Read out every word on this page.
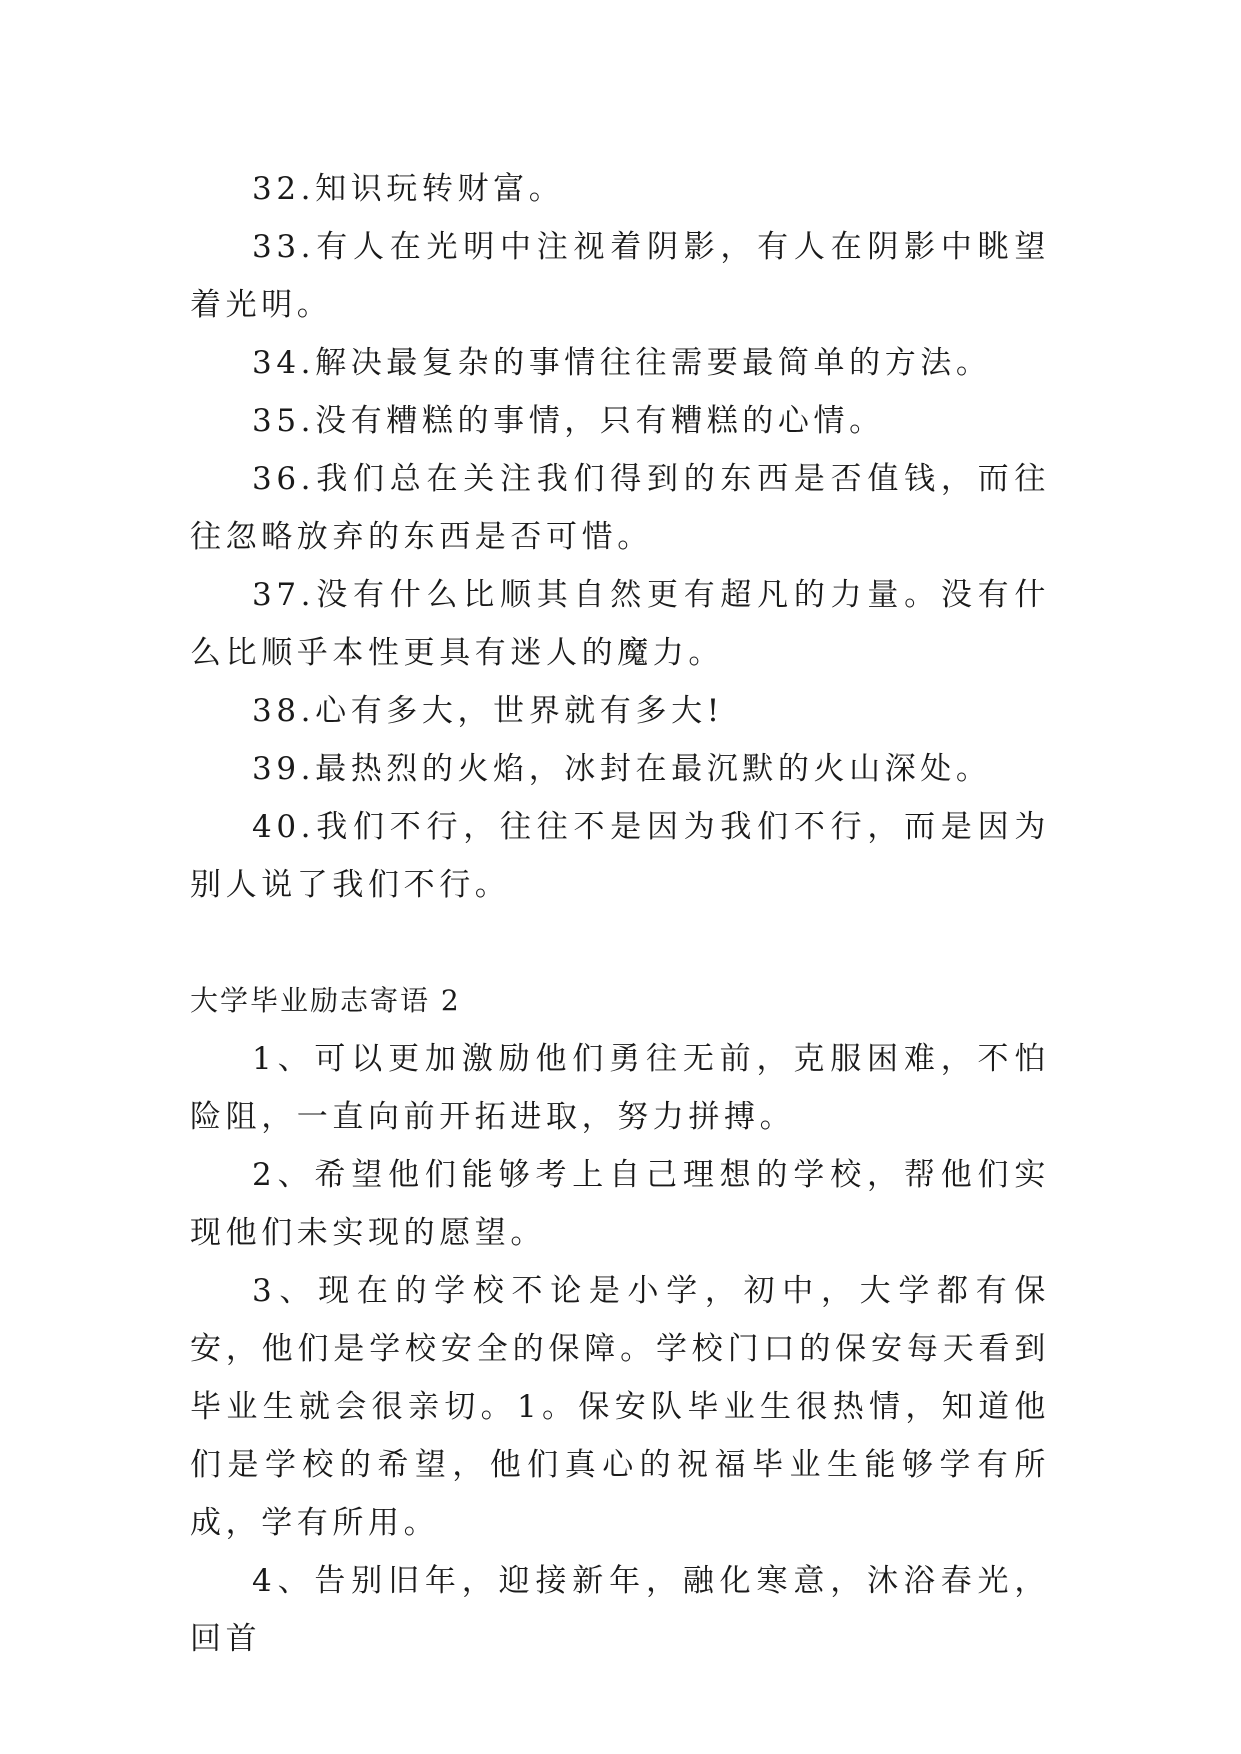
32.知识玩转财富。

33.有人在光明中注视着阴影，有人在阴影中眺望着光明。

34.解决最复杂的事情往往需要最简单的方法。

35.没有糟糕的事情，只有糟糕的心情。

36.我们总在关注我们得到的东西是否值钱，而往往忽略放弃的东西是否可惜。

37.没有什么比顺其自然更有超凡的力量。没有什么比顺乎本性更具有迷人的魔力。

38.心有多大，世界就有多大!

39.最热烈的火焰，冰封在最沉默的火山深处。

40.我们不行，往往不是因为我们不行，而是因为别人说了我们不行。

大学毕业励志寄语 2

1、可以更加激励他们勇往无前，克服困难，不怕险阻，一直向前开拓进取，努力拼搏。

2、希望他们能够考上自己理想的学校，帮他们实现他们未实现的愿望。

3、现在的学校不论是小学，初中，大学都有保安，他们是学校安全的保障。学校门口的保安每天看到毕业生就会很亲切。1。保安队毕业生很热情，知道他们是学校的希望，他们真心的祝福毕业生能够学有所成，学有所用。

4、告别旧年，迎接新年，融化寒意，沐浴春光，回首
